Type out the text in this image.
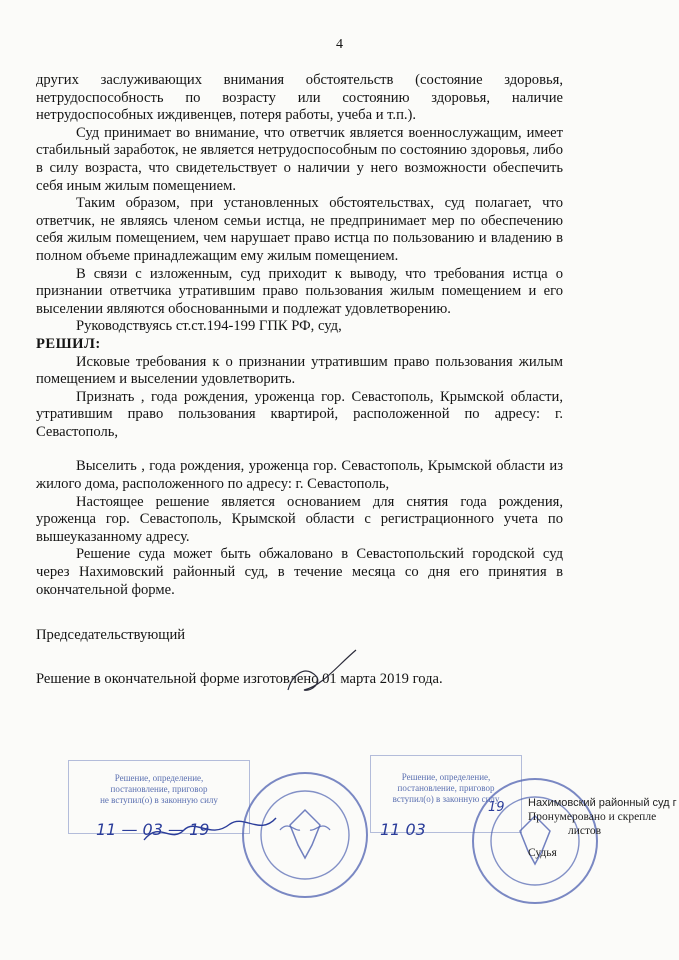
4

других заслуживающих внимания обстоятельств (состояние здоровья, нетрудоспособность по возрасту или состоянию здоровья, наличие нетрудоспособных иждивенцев, потеря работы, учеба и т.п.).

Суд принимает во внимание, что ответчик является военнослужащим, имеет стабильный заработок, не является нетрудоспособным по состоянию здоровья, либо в силу возраста, что свидетельствует о наличии у него возможности обеспечить себя иным жилым помещением.

Таким образом, при установленных обстоятельствах, суд полагает, что ответчик, не являясь членом семьи истца, не предпринимает мер по обеспечению себя жилым помещением, чем нарушает право истца по пользованию и владению в полном объеме принадлежащим ему жилым помещением.

В связи с изложенным, суд приходит к выводу, что требования истца о признании ответчика утратившим право пользования жилым помещением и его выселении являются обоснованными и подлежат удовлетворению.

Руководствуясь ст.ст.194-199 ГПК РФ, суд,

РЕШИЛ:

Исковые требования к о признании утратившим право пользования жилым помещением и выселении удовлетворить.

Признать , года рождения, уроженца гор. Севастополь, Крымской области, утратившим право пользования квартирой, расположенной по адресу: г. Севастополь,

Выселить , года рождения, уроженца гор. Севастополь, Крымской области из жилого дома, расположенного по адресу: г. Севастополь,

Настоящее решение является основанием для снятия года рождения, уроженца гор. Севастополь, Крымской области с регистрационного учета по вышеуказанному адресу.

Решение суда может быть обжаловано в Севастопольский городской суд через Нахимовский районный суд, в течение месяца со дня его принятия в окончательной форме.

Председательствующий

Решение в окончательной форме изготовлено 01 марта 2019 года.

Решение, определение,
постановление, приговор
не вступил(о) в законную силу
Решение, определение,
постановление, приговор
вступил(о) в законную силу
11 — 03 — 19	11 03
19 Нахимовский районный суд г
Пронумеровано и скрепле
листов
Судья
